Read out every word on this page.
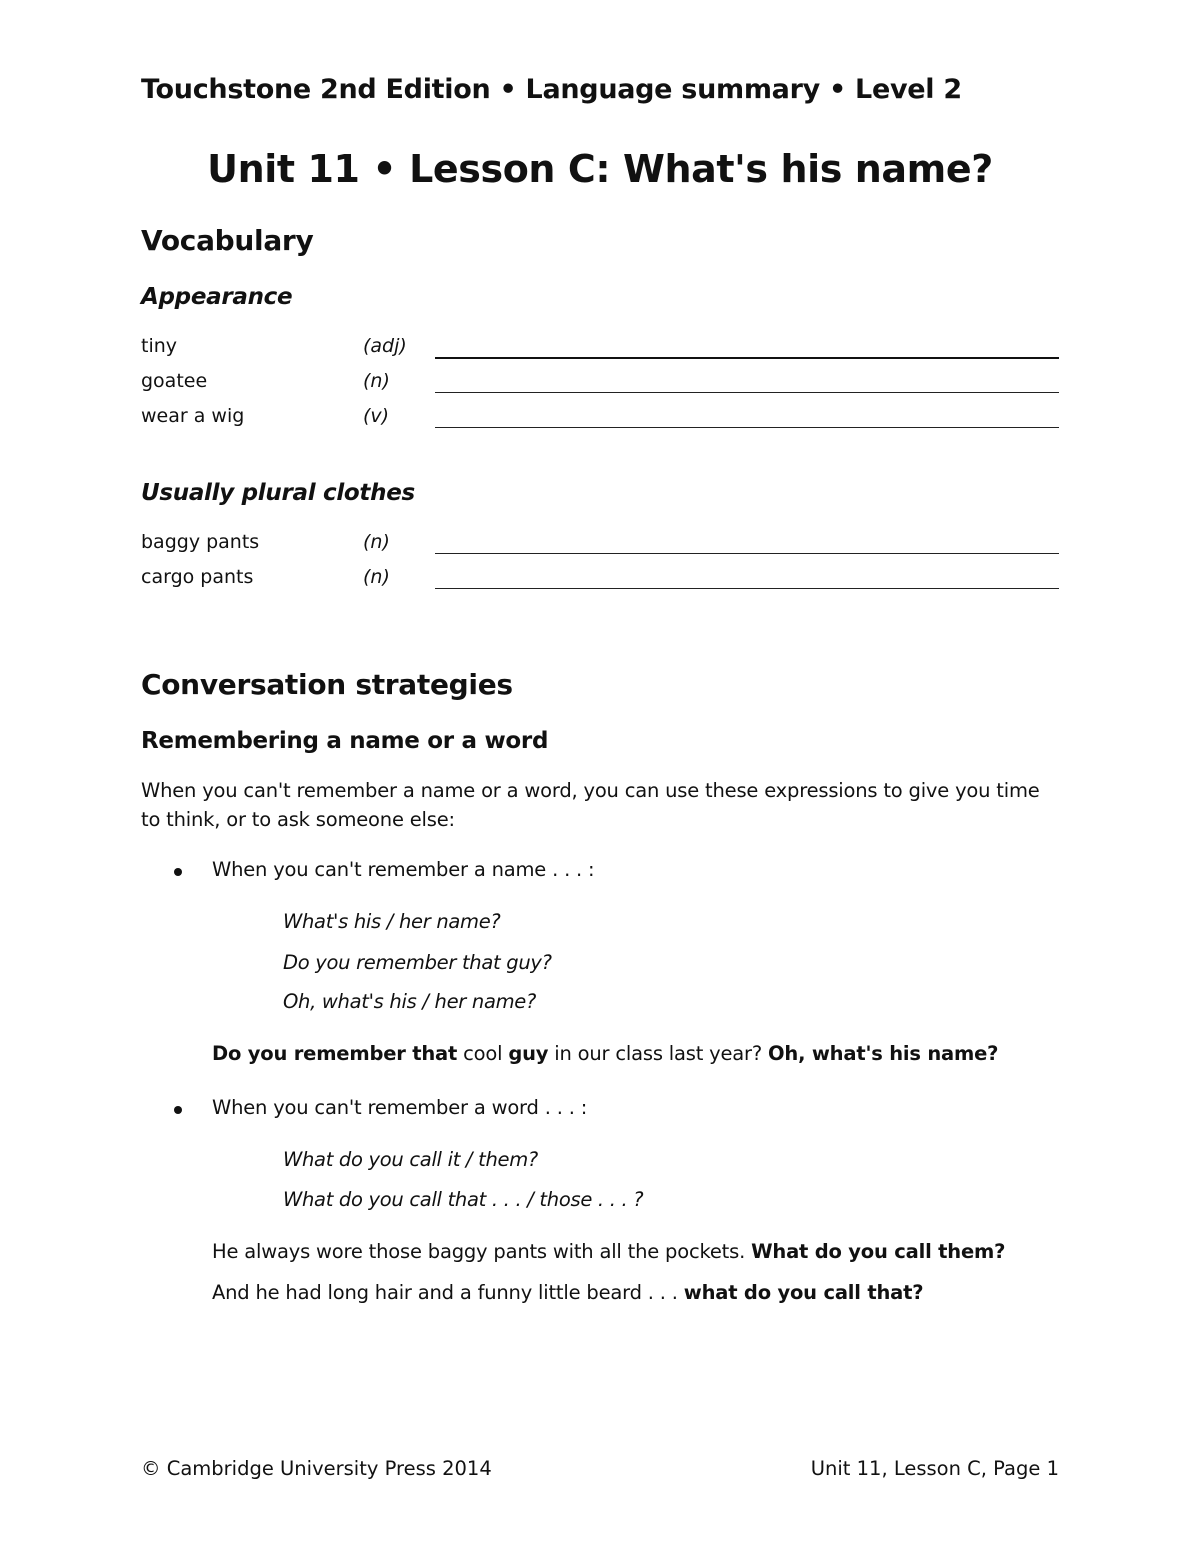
Touchstone 2nd Edition • Language summary • Level 2
Unit 11 • Lesson C: What's his name?
Vocabulary
Appearance
tiny	(adj)
goatee	(n)
wear a wig	(v)
Usually plural clothes
baggy pants	(n)
cargo pants	(n)
Conversation strategies
Remembering a name or a word
When you can't remember a name or a word, you can use these expressions to give you time
to think, or to ask someone else:
When you can't remember a name . . . :
What's his / her name?
Do you remember that guy?
Oh, what's his / her name?
Do you remember that cool guy in our class last year? Oh, what's his name?
When you can't remember a word . . . :
What do you call it / them?
What do you call that . . . / those . . . ?
He always wore those baggy pants with all the pockets. What do you call them?
And he had long hair and a funny little beard . . . what do you call that?
© Cambridge University Press 2014	Unit 11, Lesson C, Page 1
